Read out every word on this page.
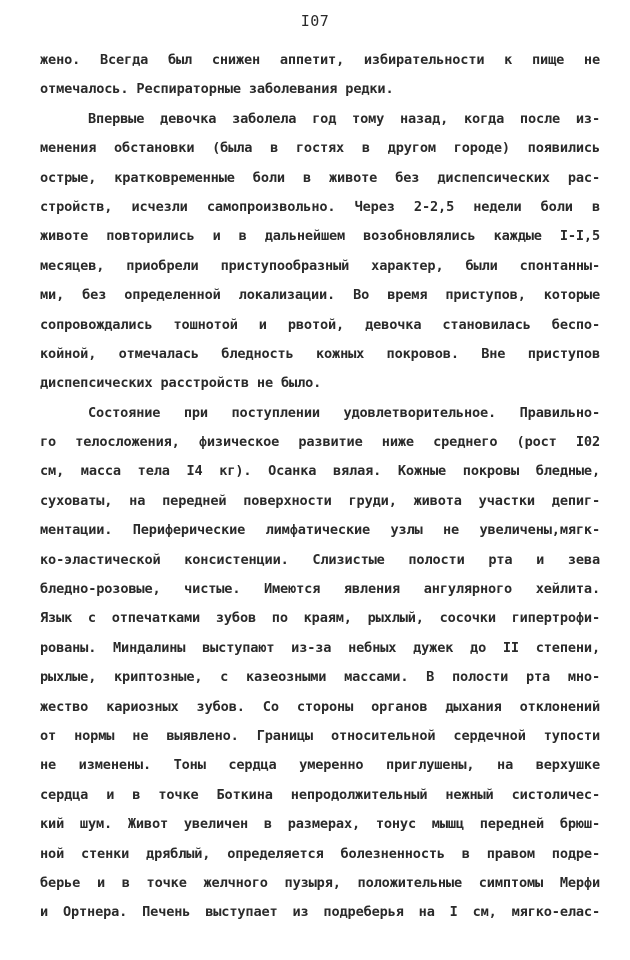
I07
жено. Всегда был снижен аппетит, избирательности к пище не
отмечалось. Респираторные заболевания редки.
Впервые девочка заболела год тому назад, когда после из-
менения обстановки (была в гостях в другом городе) появились
острые, кратковременные боли в животе без диспепсических рас-
стройств, исчезли самопроизвольно. Через 2-2,5 недели боли в
животе повторились и в дальнейшем возобновлялись каждые I-I,5
месяцев, приобрели приступообразный характер, были спонтанны-
ми, без определенной локализации. Во время приступов, которые
сопровождались тошнотой и рвотой, девочка становилась беспо-
койной, отмечалась бледность кожных покровов. Вне приступов
диспепсических расстройств не было.
Состояние при поступлении удовлетворительное. Правильно-
го телосложения, физическое развитие ниже среднего (рост I02
см, масса тела I4 кг). Осанка вялая. Кожные покровы бледные,
суховаты, на передней поверхности груди, живота участки депиг-
ментации. Периферические лимфатические узлы не увеличены,мягк-
ко-эластической консистенции. Слизистые полости рта и зева
бледно-розовые, чистые. Имеются явления ангулярного хейлита.
Язык с отпечатками зубов по краям, рыхлый, сосочки гипертрофи-
рованы. Миндалины выступают из-за небных дужек до II степени,
рыхлые, криптозные, с казеозными массами. В полости рта мно-
жество кариозных зубов. Со стороны органов дыхания отклонений
от нормы не выявлено. Границы относительной сердечной тупости
не изменены. Тоны сердца умеренно приглушены, на верхушке
сердца и в точке Боткина непродолжительный нежный систоличес-
кий шум. Живот увеличен в размерах, тонус мышц передней брюш-
ной стенки дряблый, определяется болезненность в правом подре-
берье и в точке желчного пузыря, положительные симптомы Мерфи
и Ортнера. Печень выступает из подреберья на I см, мягко-елас-
